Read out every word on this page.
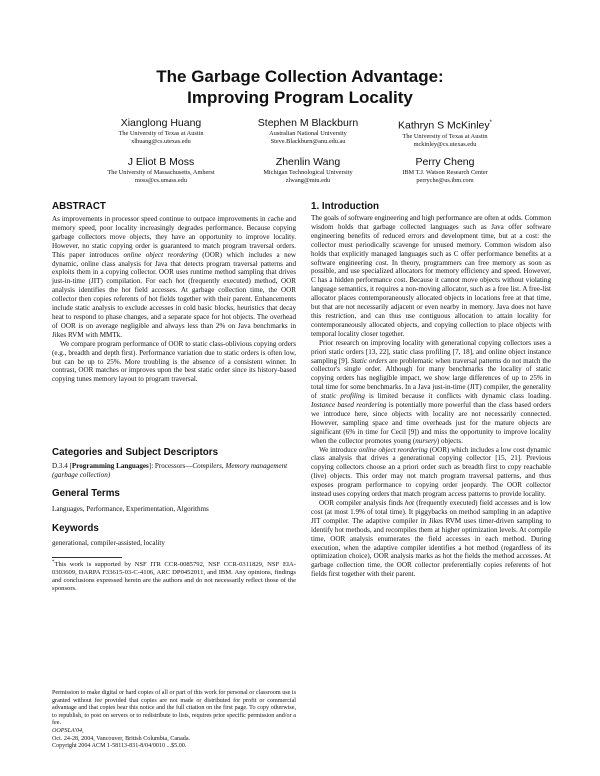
The Garbage Collection Advantage:
Improving Program Locality
Xianglong Huang
The University of Texas at Austin
xlhuang@cs.utexas.edu
Stephen M Blackburn
Australian National University
Steve.Blackburn@anu.edu.au
Kathryn S McKinley*
The University of Texas at Austin
mckinley@cs.utexas.edu
J Eliot B Moss
The University of Massachusetts, Amherst
moss@cs.umass.edu
Zhenlin Wang
Michigan Technological University
zlwang@mtu.edu
Perry Cheng
IBM T.J. Watson Research Center
perryche@us.ibm.com
ABSTRACT

As improvements in processor speed continue to outpace improvements in cache and memory speed, poor locality increasingly degrades performance. Because copying garbage collectors move objects, they have an opportunity to improve locality. However, no static copying order is guaranteed to match program traversal orders. This paper introduces online object reordering (OOR) which includes a new dynamic, online class analysis for Java that detects program traversal patterns and exploits them in a copying collector. OOR uses runtime method sampling that drives just-in-time (JIT) compilation. For each hot (frequently executed) method, OOR analysis identifies the hot field accesses. At garbage collection time, the OOR collector then copies referents of hot fields together with their parent. Enhancements include static analysis to exclude accesses in cold basic blocks, heuristics that decay heat to respond to phase changes, and a separate space for hot objects. The overhead of OOR is on average negligible and always less than 2% on Java benchmarks in Jikes RVM with MMTk.

We compare program performance of OOR to static class-oblivious copying orders (e.g., breadth and depth first). Performance variation due to static orders is often low, but can be up to 25%. More troubling is the absence of a consistent winner. In contrast, OOR matches or improves upon the best static order since its history-based copying tunes memory layout to program traversal.

Categories and Subject Descriptors
D.3.4 [Programming Languages]: Processors—Compilers, Memory management (garbage collection)
General Terms
Languages, Performance, Experimentation, Algorithms
Keywords
generational, compiler-assisted, locality
*This work is supported by NSF ITR CCR-0085792, NSF CCR-0311829, NSF EIA-0303609, DARPA F33615-03-C-4106, ARC DP0452011, and IBM. Any opinions, findings and conclusions expressed herein are the authors and do not necessarily reflect those of the sponsors.
Permission to make digital or hard copies of all or part of this work for personal or classroom use is granted without fee provided that copies are not made or distributed for profit or commercial advantage and that copies bear this notice and the full citation on the first page. To copy otherwise, to republish, to post on servers or to redistribute to lists, requires prior specific permission and/or a fee.
OOPSLA'04,
Oct. 24-28, 2004, Vancouver, British Columbia, Canada.
Copyright 2004 ACM 1-58113-831-8/04/0010 ...$5.00.
1. Introduction

The goals of software engineering and high performance are often at odds. Common wisdom holds that garbage collected languages such as Java offer software engineering benefits of reduced errors and development time, but at a cost: the collector must periodically scavenge for unused memory. Common wisdom also holds that explicitly managed languages such as C offer performance benefits at a software engineering cost. In theory, programmers can free memory as soon as possible, and use specialized allocators for memory efficiency and speed. However, C has a hidden performance cost. Because it cannot move objects without violating language semantics, it requires a non-moving allocator, such as a free list. A free-list allocator places contemporaneously allocated objects in locations free at that time, but that are not necessarily adjacent or even nearby in memory. Java does not have this restriction, and can thus use contiguous allocation to attain locality for contemporaneously allocated objects, and copying collection to place objects with temporal locality closer together.

Prior research on improving locality with generational copying collectors uses a priori static orders [13, 22], static class profiling [7, 18], and online object instance sampling [9]. Static orders are problematic when traversal patterns do not match the collector's single order. Although for many benchmarks the locality of static copying orders has negligible impact, we show large differences of up to 25% in total time for some benchmarks. In a Java just-in-time (JIT) compiler, the generality of static profiling is limited because it conflicts with dynamic class loading. Instance based reordering is potentially more powerful than the class based orders we introduce here, since objects with locality are not necessarily connected. However, sampling space and time overheads just for the mature objects are significant (6% in time for Cecil [9]) and miss the opportunity to improve locality when the collector promotes young (nursery) objects.

We introduce online object reordering (OOR) which includes a low cost dynamic class analysis that drives a generational copying collector [15, 21]. Previous copying collectors choose an a priori order such as breadth first to copy reachable (live) objects. This order may not match program traversal patterns, and thus exposes program performance to copying order jeopardy. The OOR collector instead uses copying orders that match program access patterns to provide locality.

OOR compiler analysis finds hot (frequently executed) field accesses and is low cost (at most 1.9% of total time). It piggybacks on method sampling in an adaptive JIT compiler. The adaptive compiler in Jikes RVM uses timer-driven sampling to identify hot methods, and recompiles them at higher optimization levels. At compile time, OOR analysis enumerates the field accesses in each method. During execution, when the adaptive compiler identifies a hot method (regardless of its optimization choice), OOR analysis marks as hot the fields the method accesses. At garbage collection time, the OOR collector preferentially copies referents of hot fields first together with their parent.
